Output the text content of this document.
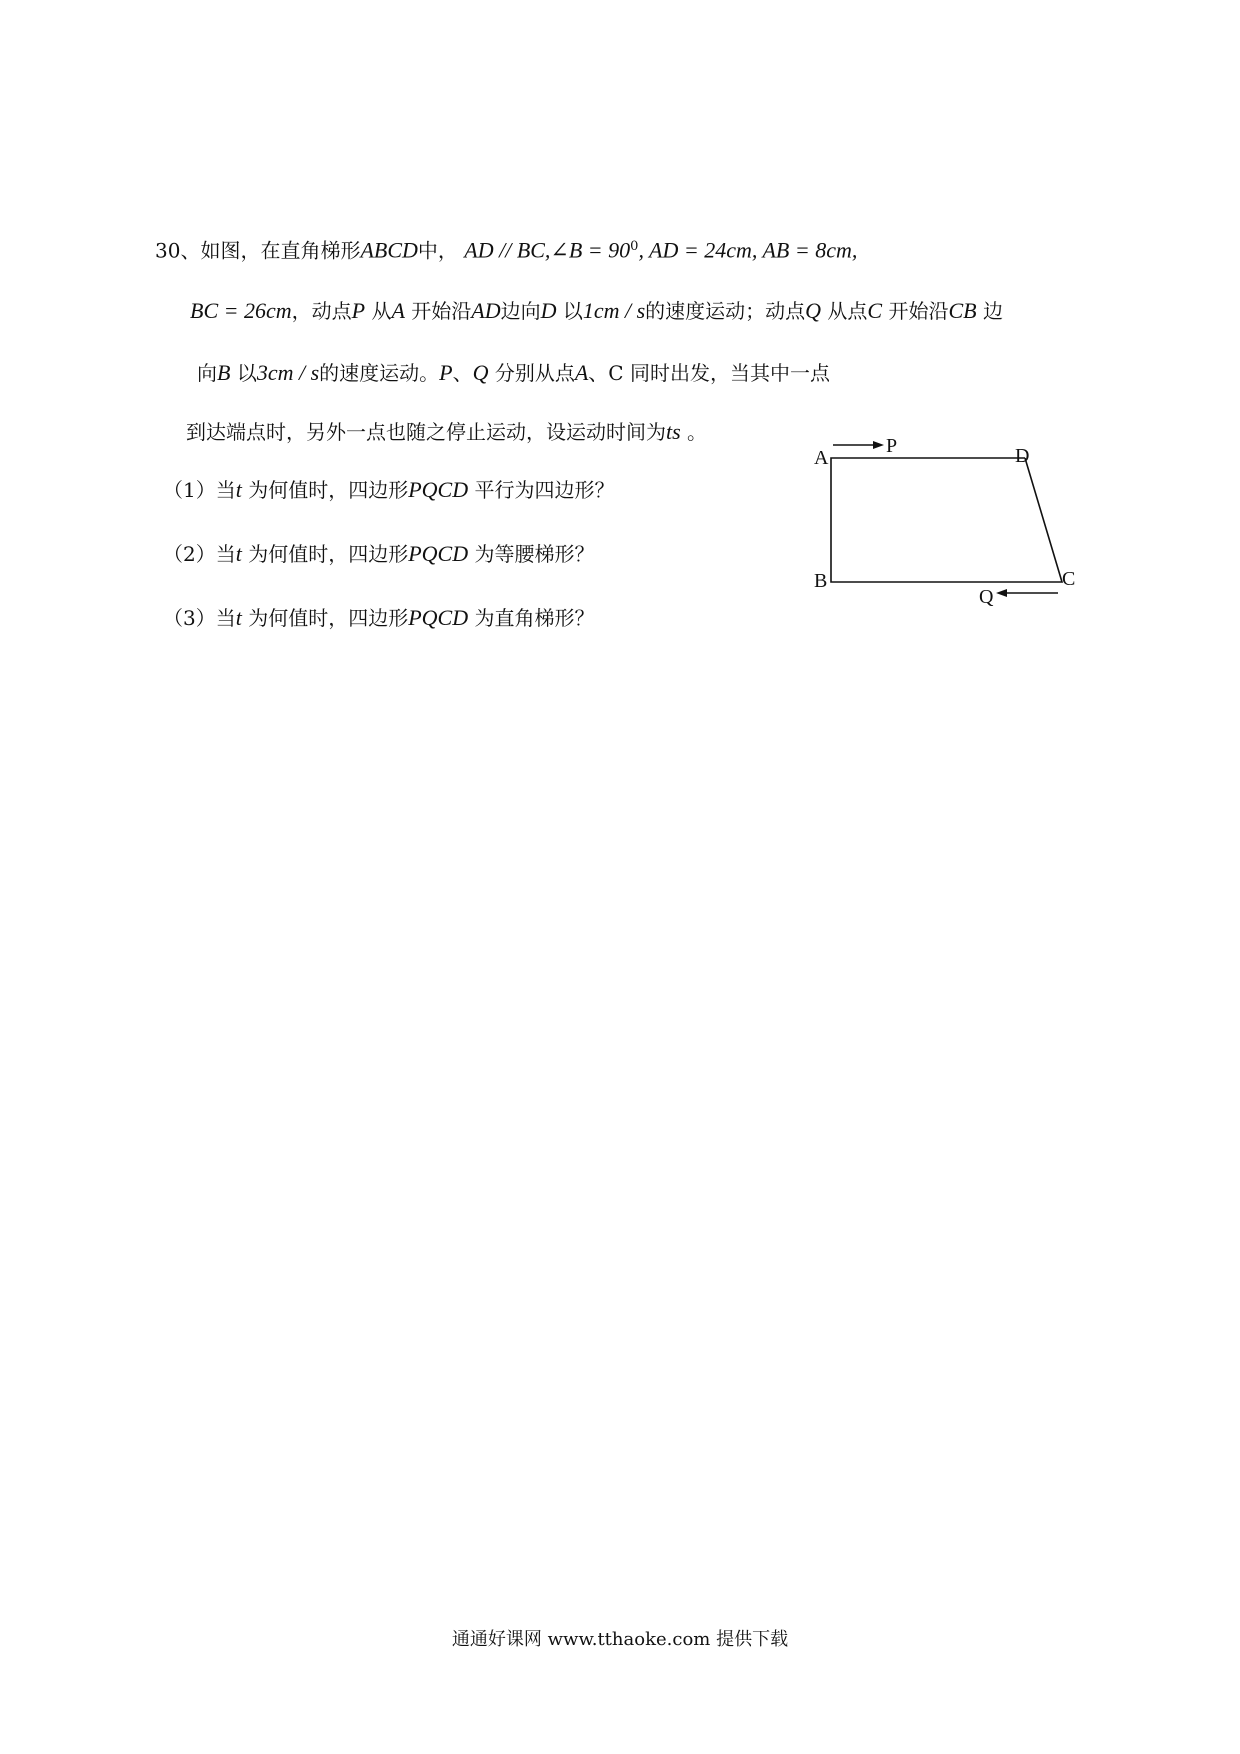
30、如图，在直角梯形ABCD中， AD // BC,∠B = $90^0$, AD = 24cm, AB = 8cm,
BC = 26cm，动点P 从A 开始沿AD边向D 以1cm / s的速度运动；动点Q 从点C 开始沿CB 边
向B 以3cm / s的速度运动。P、Q 分别从点A、C 同时出发，当其中一点
到达端点时，另外一点也随之停止运动，设运动时间为ts 。
（1）当t 为何值时，四边形PQCD 平行为四边形？
（2）当t 为何值时，四边形PQCD 为等腰梯形？
（3）当t 为何值时，四边形PQCD 为直角梯形？
A
P	D
B	C
Q
通通好课网 www.tthaoke.com 提供下载
